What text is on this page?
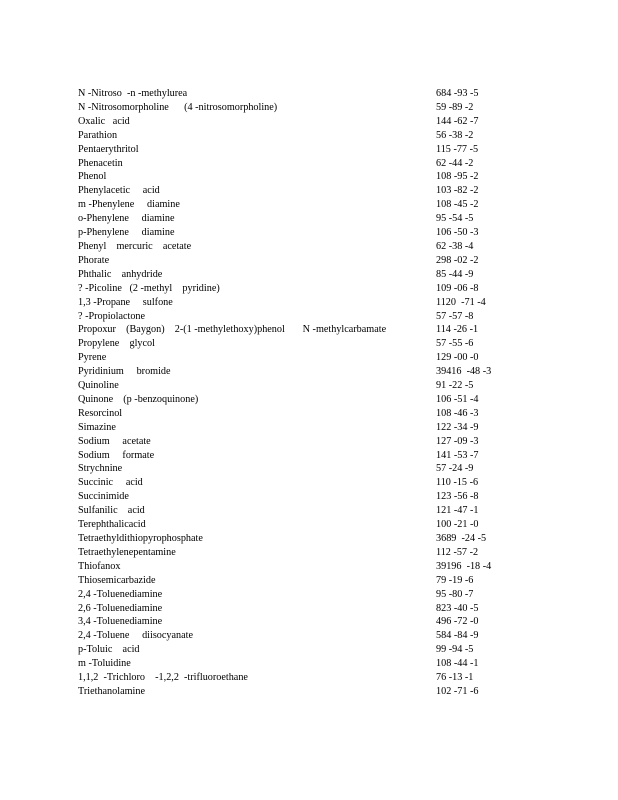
N -Nitroso  -n -methylurea	684 -93 -5
N -Nitrosomorpholine      (4 -nitrosomorpholine)	59 -89 -2
Oxalic   acid	144 -62 -7
Parathion	56 -38 -2
Pentaerythritol	115 -77 -5
Phenacetin	62 -44 -2
Phenol	108 -95 -2
Phenylacetic     acid	103 -82 -2
m -Phenylene     diamine	108 -45 -2
o-Phenylene     diamine	95 -54 -5
p-Phenylene     diamine	106 -50 -3
Phenyl    mercuric    acetate	62 -38 -4
Phorate	298 -02 -2
Phthalic    anhydride	85 -44 -9
? -Picoline   (2 -methyl    pyridine)	109 -06 -8
1,3 -Propane     sulfone	1120  -71 -4
? -Propiolactone	57 -57 -8
Propoxur    (Baygon)    2-(1 -methylethoxy)phenol       N -methylcarbamate	114 -26 -1
Propylene    glycol	57 -55 -6
Pyrene	129 -00 -0
Pyridinium     bromide	39416  -48 -3
Quinoline	91 -22 -5
Quinone    (p -benzoquinone)	106 -51 -4
Resorcinol	108 -46 -3
Simazine	122 -34 -9
Sodium     acetate	127 -09 -3
Sodium     formate	141 -53 -7
Strychnine	57 -24 -9
Succinic     acid	110 -15 -6
Succinimide	123 -56 -8
Sulfanilic    acid	121 -47 -1
Terephthalicacid	100 -21 -0
Tetraethyldithiopyrophosphate	3689  -24 -5
Tetraethylenepentamine	112 -57 -2
Thiofanox	39196  -18 -4
Thiosemicarbazide	79 -19 -6
2,4 -Toluenediamine	95 -80 -7
2,6 -Toluenediamine	823 -40 -5
3,4 -Toluenediamine	496 -72 -0
2,4 -Toluene     diisocyanate	584 -84 -9
p-Toluic    acid	99 -94 -5
m -Toluidine	108 -44 -1
1,1,2  -Trichloro    -1,2,2  -trifluoroethane	76 -13 -1
Triethanolamine	102 -71 -6
